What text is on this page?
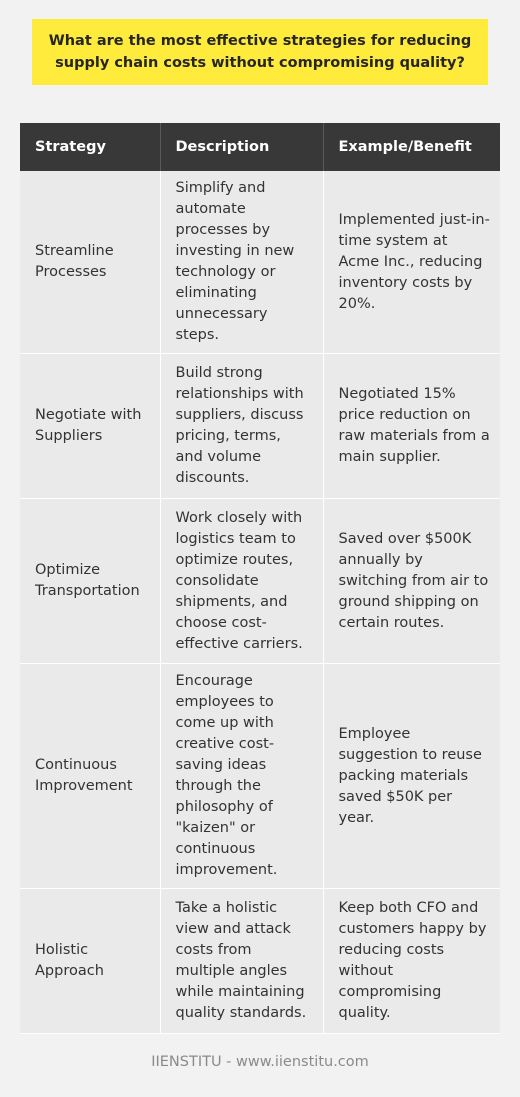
What are the most effective strategies for reducing supply chain costs without compromising quality?
Strategy	Description	Example/Benefit
Streamline Processes	Simplify and automate processes by investing in new technology or eliminating unnecessary steps.	Implemented just-in-time system at Acme Inc., reducing inventory costs by 20%.
Negotiate with Suppliers	Build strong relationships with suppliers, discuss pricing, terms, and volume discounts.	Negotiated 15% price reduction on raw materials from a main supplier.
Optimize Transportation	Work closely with logistics team to optimize routes, consolidate shipments, and choose cost-effective carriers.	Saved over $500K annually by switching from air to ground shipping on certain routes.
Continuous Improvement	Encourage employees to come up with creative cost-saving ideas through the philosophy of "kaizen" or continuous improvement.	Employee suggestion to reuse packing materials saved $50K per year.
Holistic Approach	Take a holistic view and attack costs from multiple angles while maintaining quality standards.	Keep both CFO and customers happy by reducing costs without compromising quality.
IIENSTITU - www.iienstitu.com
